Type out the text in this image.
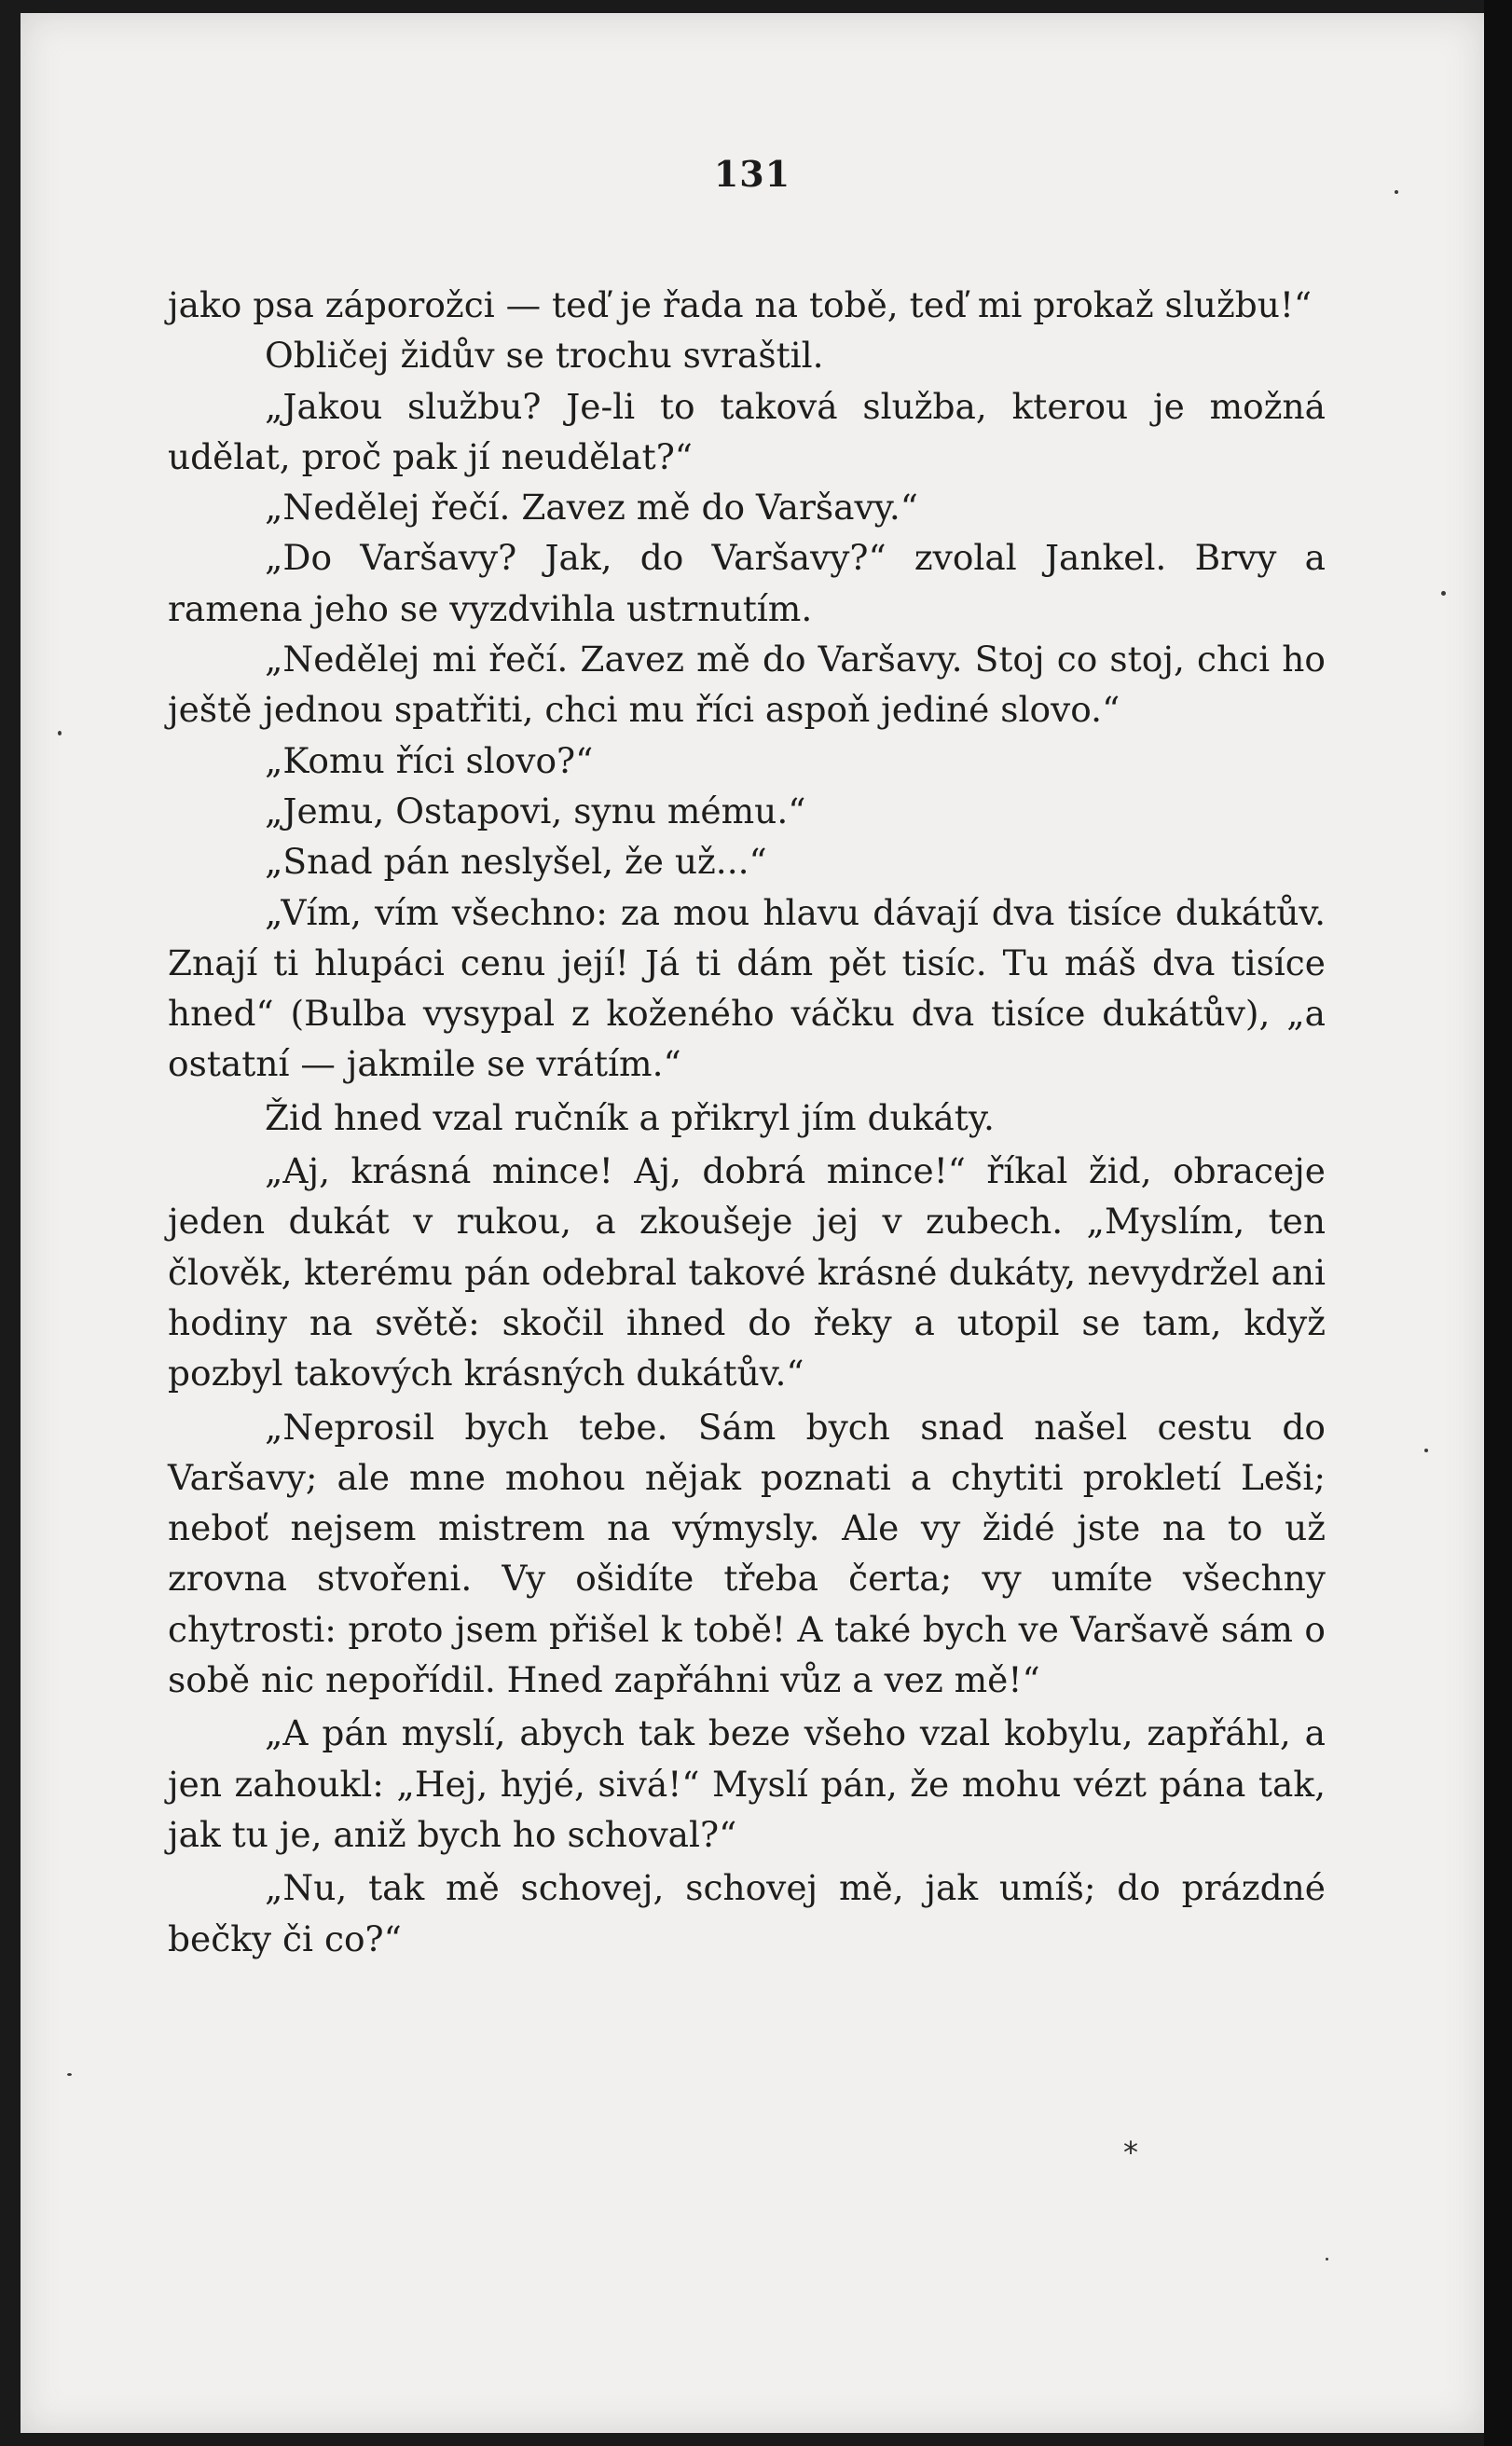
131

jako psa záporožci — teď je řada na tobě, teď mi prokaž službu!“

Obličej židův se trochu svraštil.

„Jakou službu? Je-li to taková služba, kterou je možná udělat, proč pak jí neudělat?“

„Nedělej řečí. Zavez mě do Varšavy.“

„Do Varšavy? Jak, do Varšavy?“ zvolal Jankel. Brvy a ramena jeho se vyzdvihla ustrnutím.

„Nedělej mi řečí. Zavez mě do Varšavy. Stoj co stoj, chci ho ještě jednou spatřiti, chci mu říci aspoň jediné slovo.“

„Komu říci slovo?“

„Jemu, Ostapovi, synu mému.“

„Snad pán neslyšel, že už...“

„Vím, vím všechno: za mou hlavu dávají dva tisíce dukátův. Znají ti hlupáci cenu její! Já ti dám pět tisíc. Tu máš dva tisíce hned“ (Bulba vysypal z koženého váčku dva tisíce dukátův), „a ostatní — jakmile se vrátím.“

Žid hned vzal ručník a přikryl jím dukáty.

„Aj, krásná mince! Aj, dobrá mince!“ říkal žid, obraceje jeden dukát v rukou, a zkoušeje jej v zubech. „Myslím, ten člověk, kterému pán odebral takové krásné dukáty, nevydržel ani hodiny na světě: skočil ihned do řeky a utopil se tam, když pozbyl takových krásných dukátův.“

„Neprosil bych tebe. Sám bych snad našel cestu do Varšavy; ale mne mohou nějak poznati a chytiti prokletí Leši; neboť nejsem mistrem na výmysly. Ale vy židé jste na to už zrovna stvořeni. Vy ošidíte třeba čerta; vy umíte všechny chytrosti: proto jsem přišel k tobě! A také bych ve Varšavě sám o sobě nic nepořídil. Hned zapřáhni vůz a vez mě!“

„A pán myslí, abych tak beze všeho vzal kobylu, zapřáhl, a jen zahoukl: „Hej, hyjé, sivá!“ Myslí pán, že mohu vézt pána tak, jak tu je, aniž bych ho schoval?“

„Nu, tak mě schovej, schovej mě, jak umíš; do prázdné bečky či co?“

*
